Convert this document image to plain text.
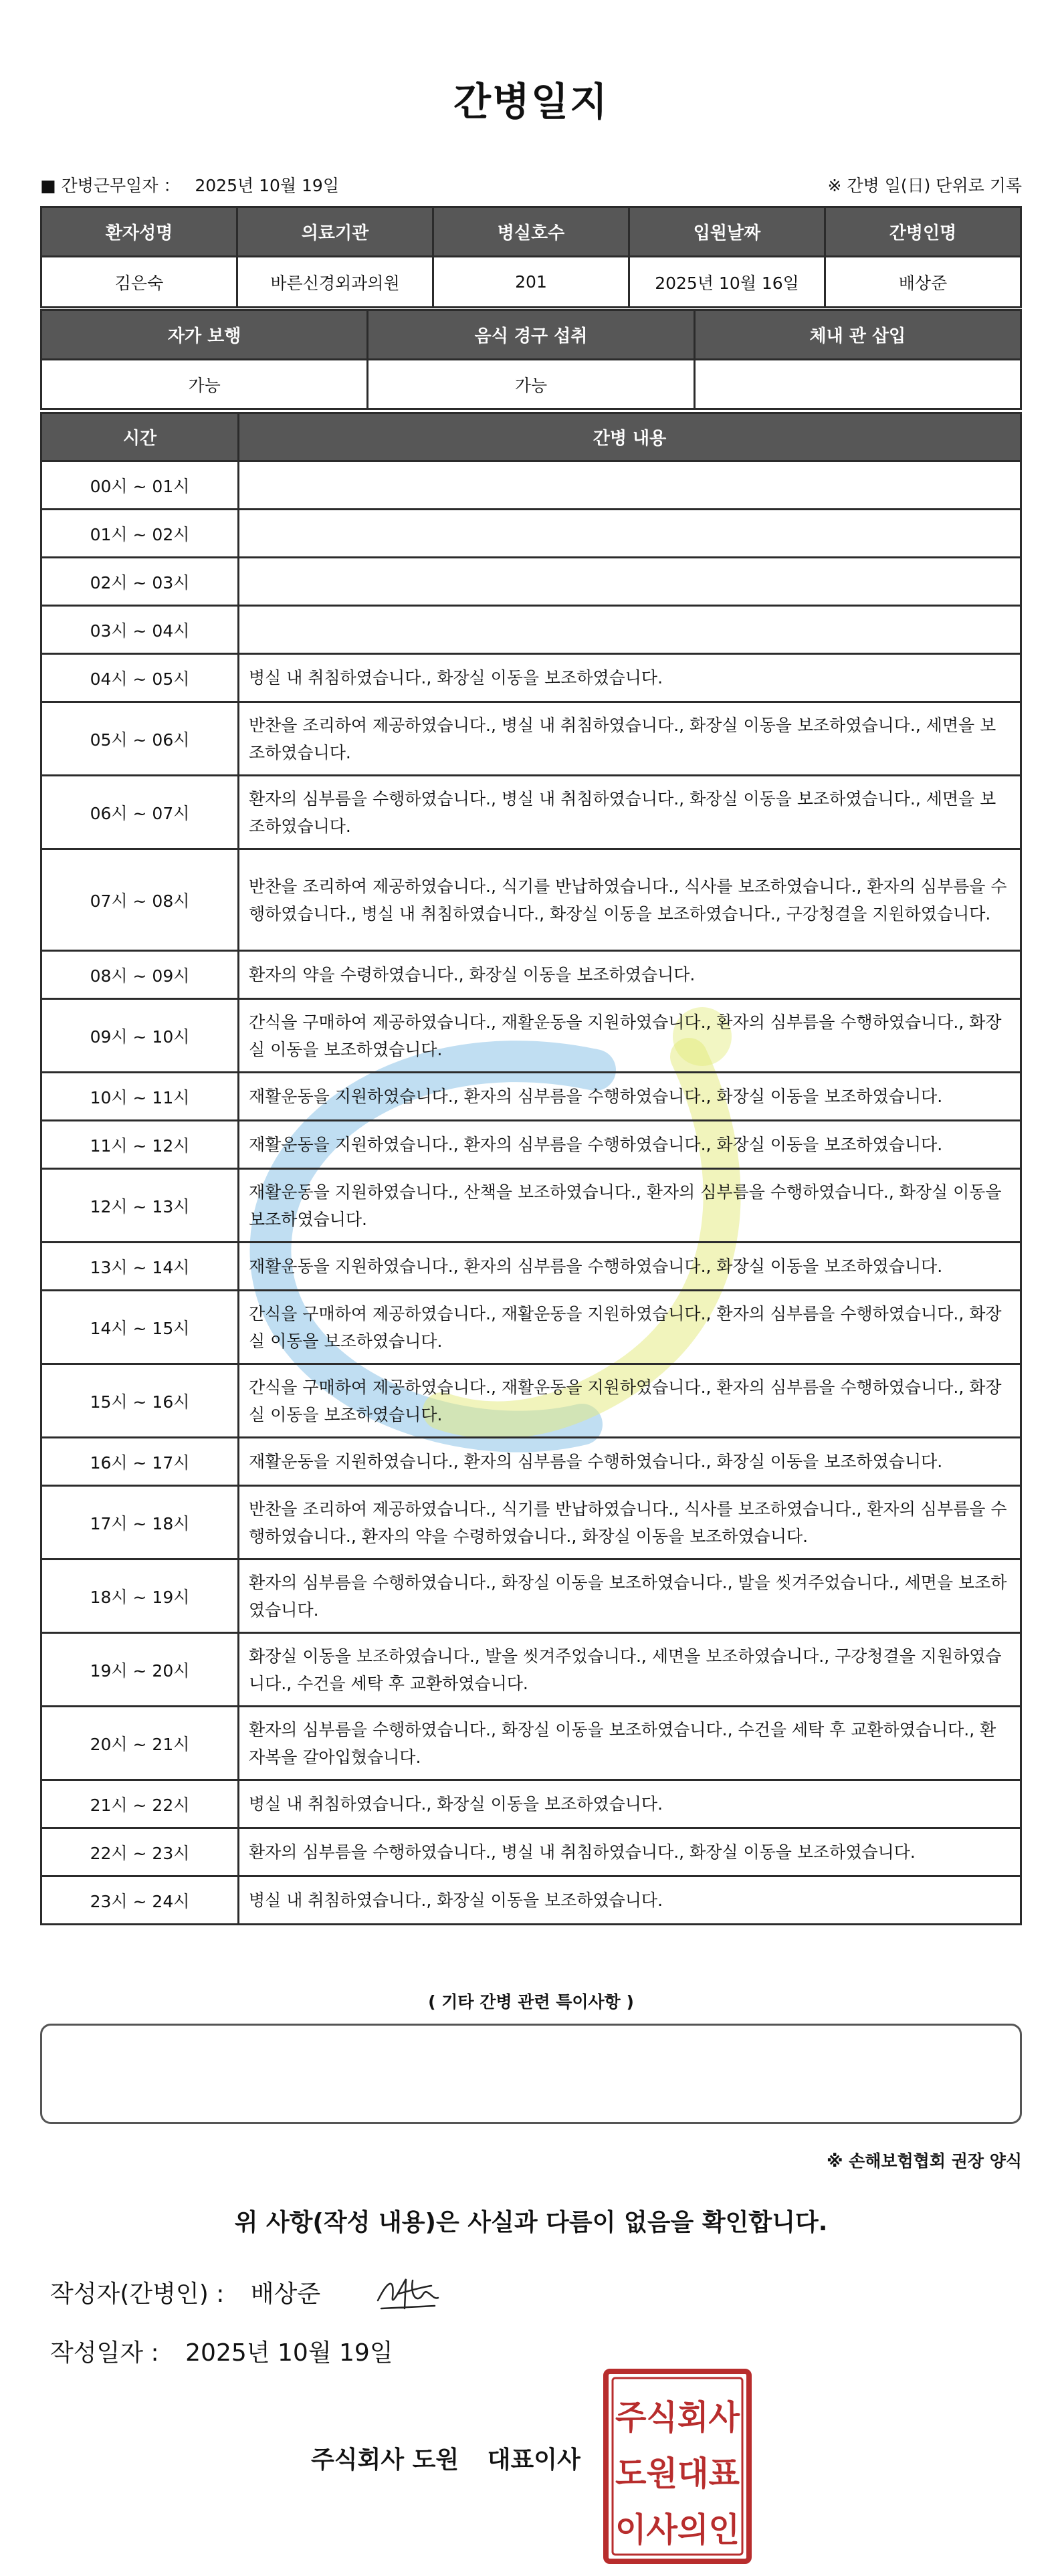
간병일지
■ 간병근무일자 ： 2025년 10월 19일	※ 간병 일(日) 단위로 기록
환자성명	의료기관	병실호수	입원날짜	간병인명
김은숙	바른신경외과의원	201	2025년 10월 16일	배상준
자가 보행	음식 경구 섭취	체내 관 삽입
가능	가능	
시간	간병 내용
00시 ~ 01시	
01시 ~ 02시	
02시 ~ 03시	
03시 ~ 04시	
04시 ~ 05시	병실 내 취침하였습니다., 화장실 이동을 보조하였습니다.
05시 ~ 06시	반찬을 조리하여 제공하였습니다., 병실 내 취침하였습니다., 화장실 이동을 보조하였습니다., 세면을 보조하였습니다.
06시 ~ 07시	환자의 심부름을 수행하였습니다., 병실 내 취침하였습니다., 화장실 이동을 보조하였습니다., 세면을 보조하였습니다.
07시 ~ 08시	반찬을 조리하여 제공하였습니다., 식기를 반납하였습니다., 식사를 보조하였습니다., 환자의 심부름을 수행하였습니다., 병실 내 취침하였습니다., 화장실 이동을 보조하였습니다., 구강청결을 지원하였습니다.
08시 ~ 09시	환자의 약을 수령하였습니다., 화장실 이동을 보조하였습니다.
09시 ~ 10시	간식을 구매하여 제공하였습니다., 재활운동을 지원하였습니다., 환자의 심부름을 수행하였습니다., 화장실 이동을 보조하였습니다.
10시 ~ 11시	재활운동을 지원하였습니다., 환자의 심부름을 수행하였습니다., 화장실 이동을 보조하였습니다.
11시 ~ 12시	재활운동을 지원하였습니다., 환자의 심부름을 수행하였습니다., 화장실 이동을 보조하였습니다.
12시 ~ 13시	재활운동을 지원하였습니다., 산책을 보조하였습니다., 환자의 심부름을 수행하였습니다., 화장실 이동을 보조하였습니다.
13시 ~ 14시	재활운동을 지원하였습니다., 환자의 심부름을 수행하였습니다., 화장실 이동을 보조하였습니다.
14시 ~ 15시	간식을 구매하여 제공하였습니다., 재활운동을 지원하였습니다., 환자의 심부름을 수행하였습니다., 화장실 이동을 보조하였습니다.
15시 ~ 16시	간식을 구매하여 제공하였습니다., 재활운동을 지원하였습니다., 환자의 심부름을 수행하였습니다., 화장실 이동을 보조하였습니다.
16시 ~ 17시	재활운동을 지원하였습니다., 환자의 심부름을 수행하였습니다., 화장실 이동을 보조하였습니다.
17시 ~ 18시	반찬을 조리하여 제공하였습니다., 식기를 반납하였습니다., 식사를 보조하였습니다., 환자의 심부름을 수행하였습니다., 환자의 약을 수령하였습니다., 화장실 이동을 보조하였습니다.
18시 ~ 19시	환자의 심부름을 수행하였습니다., 화장실 이동을 보조하였습니다., 발을 씻겨주었습니다., 세면을 보조하였습니다.
19시 ~ 20시	화장실 이동을 보조하였습니다., 발을 씻겨주었습니다., 세면을 보조하였습니다., 구강청결을 지원하였습니다., 수건을 세탁 후 교환하였습니다.
20시 ~ 21시	환자의 심부름을 수행하였습니다., 화장실 이동을 보조하였습니다., 수건을 세탁 후 교환하였습니다., 환자복을 갈아입혔습니다.
21시 ~ 22시	병실 내 취침하였습니다., 화장실 이동을 보조하였습니다.
22시 ~ 23시	환자의 심부름을 수행하였습니다., 병실 내 취침하였습니다., 화장실 이동을 보조하였습니다.
23시 ~ 24시	병실 내 취침하였습니다., 화장실 이동을 보조하였습니다.
( 기타 간병 관련 특이사항 )
※ 손해보험협회 권장 양식
위 사항(작성 내용)은 사실과 다름이 없음을 확인합니다.
작성자(간병인) : 배상준
작성일자 : 2025년 10월 19일
주식회사 도원 대표이사
주식회사
도원대표
이사의인
